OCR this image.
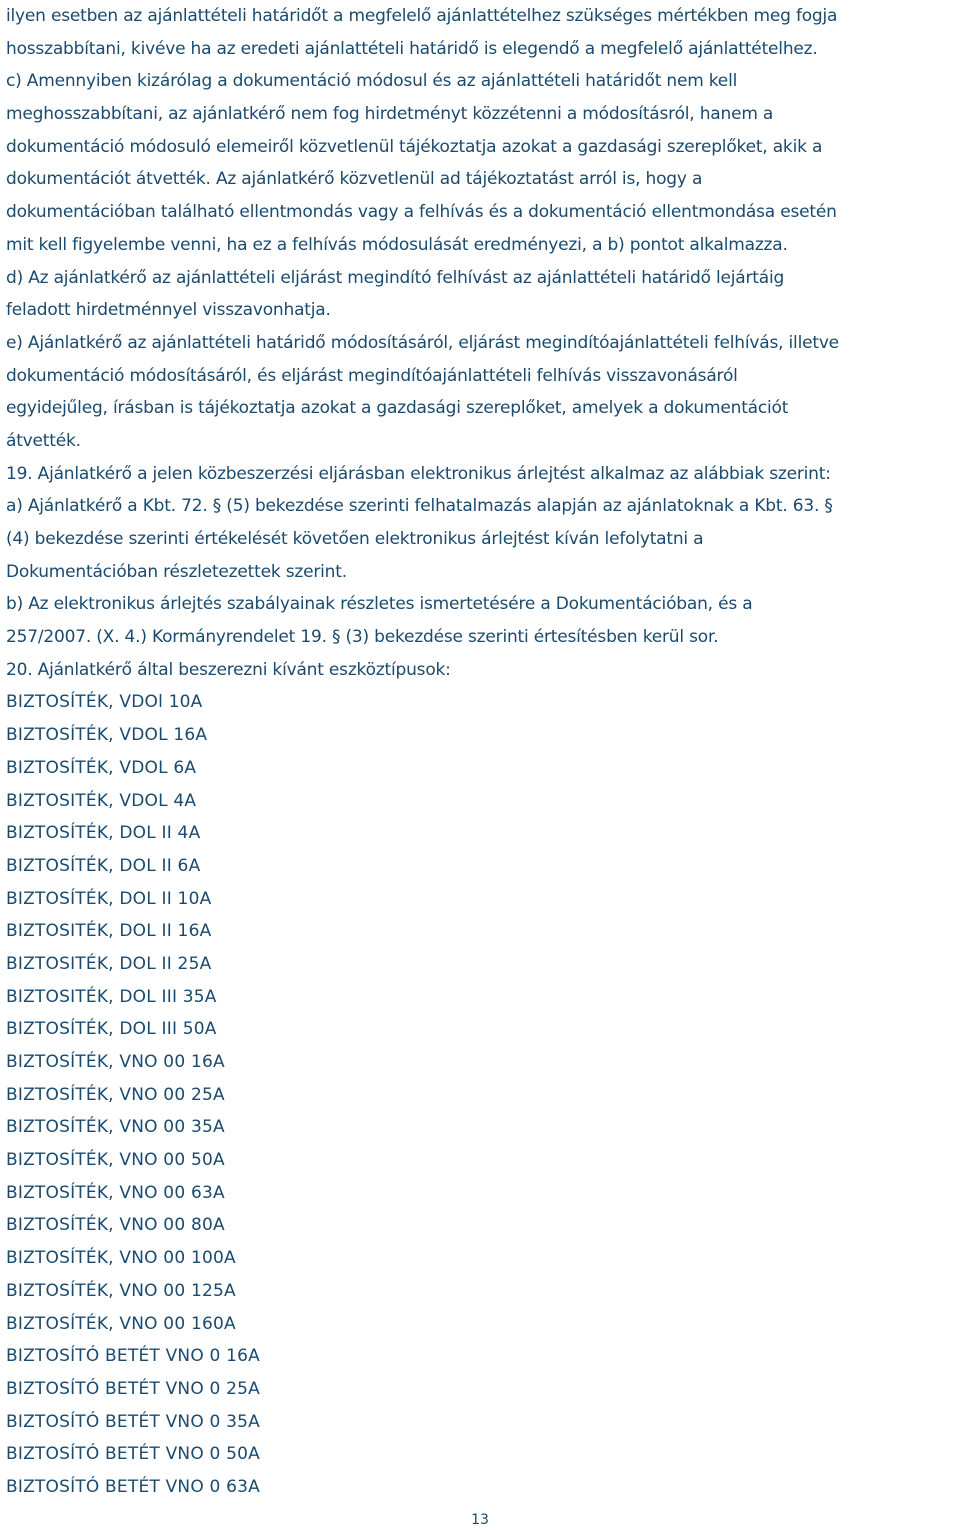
ilyen esetben az ajánlattételi határidőt a megfelelő ajánlattételhez szükséges mértékben meg fogja
hosszabbítani, kivéve ha az eredeti ajánlattételi határidő is elegendő a megfelelő ajánlattételhez.
c) Amennyiben kizárólag a dokumentáció módosul és az ajánlattételi határidőt nem kell
meghosszabbítani, az ajánlatkérő nem fog hirdetményt közzétenni a módosításról, hanem a
dokumentáció módosuló elemeiről közvetlenül tájékoztatja azokat a gazdasági szereplőket, akik a
dokumentációt átvették. Az ajánlatkérő közvetlenül ad tájékoztatást arról is, hogy a
dokumentációban található ellentmondás vagy a felhívás és a dokumentáció ellentmondása esetén
mit kell figyelembe venni, ha ez a felhívás módosulását eredményezi, a b) pontot alkalmazza.
d) Az ajánlatkérő az ajánlattételi eljárást megindító felhívást az ajánlattételi határidő lejártáig
feladott hirdetménnyel visszavonhatja.
e) Ajánlatkérő az ajánlattételi határidő módosításáról, eljárást megindítóajánlattételi felhívás, illetve
dokumentáció módosításáról, és eljárást megindítóajánlattételi felhívás visszavonásáról
egyidejűleg, írásban is tájékoztatja azokat a gazdasági szereplőket, amelyek a dokumentációt
átvették.
19. Ajánlatkérő a jelen közbeszerzési eljárásban elektronikus árlejtést alkalmaz az alábbiak szerint:
a) Ajánlatkérő a Kbt. 72. § (5) bekezdése szerinti felhatalmazás alapján az ajánlatoknak a Kbt. 63. §
(4) bekezdése szerinti értékelését követően elektronikus árlejtést kíván lefolytatni a
Dokumentációban részletezettek szerint.
b) Az elektronikus árlejtés szabályainak részletes ismertetésére a Dokumentációban, és a
257/2007. (X. 4.) Kormányrendelet 19. § (3) bekezdése szerinti értesítésben kerül sor.
20. Ajánlatkérő által beszerezni kívánt eszköztípusok:
BIZTOSÍTÉK, VDOl 10A
BIZTOSÍTÉK, VDOL 16A
BIZTOSÍTÉK, VDOL 6A
BIZTOSITÉK, VDOL 4A
BIZTOSÍTÉK, DOL II 4A
BIZTOSÍTÉK, DOL II 6A
BIZTOSÍTÉK, DOL II 10A
BIZTOSITÉK, DOL II 16A
BIZTOSITÉK, DOL II 25A
BIZTOSITÉK, DOL III 35A
BIZTOSÍTÉK, DOL III 50A
BIZTOSÍTÉK, VNO 00 16A
BIZTOSÍTÉK, VNO 00 25A
BIZTOSÍTÉK, VNO 00 35A
BIZTOSÍTÉK, VNO 00 50A
BIZTOSÍTÉK, VNO 00 63A
BIZTOSÍTÉK, VNO 00 80A
BIZTOSÍTÉK, VNO 00 100A
BIZTOSÍTÉK, VNO 00 125A
BIZTOSÍTÉK, VNO 00 160A
BIZTOSÍTÓ BETÉT VNO 0 16A
BIZTOSÍTÓ BETÉT VNO 0 25A
BIZTOSÍTÓ BETÉT VNO 0 35A
BIZTOSÍTÓ BETÉT VNO 0 50A
BIZTOSÍTÓ BETÉT VNO 0 63A
13
